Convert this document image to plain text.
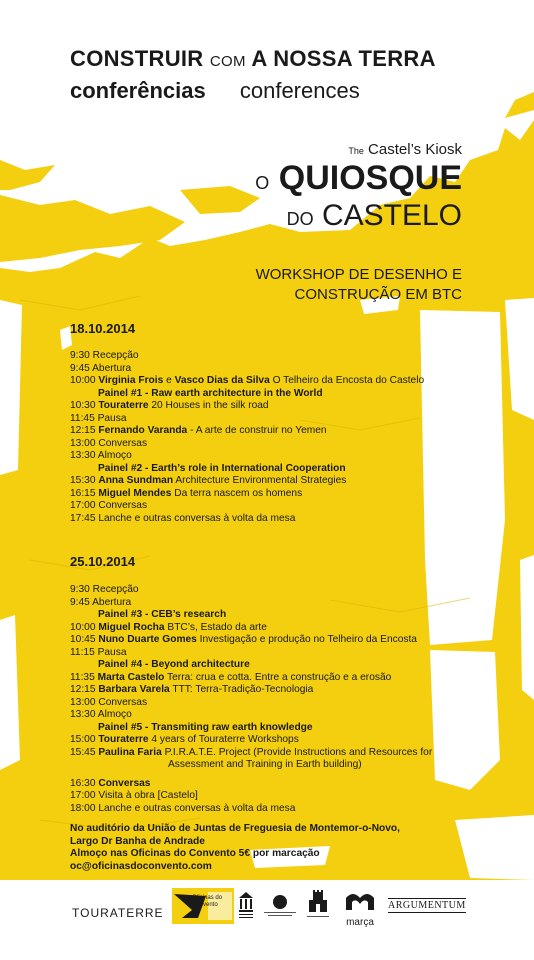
CONSTRUIR COM A NOSSA TERRA
conferências conferences
The Castel’s Kiosk
O QUIOSQUE
DO CASTELO
WORKSHOP DE DESENHO E
CONSTRUÇÃO EM BTC
18.10.2014
9:30 Recepção
9:45 Abertura
10:00 Virginia Frois e Vasco Dias da Silva O Telheiro da Encosta do Castelo
Painel #1 - Raw earth architecture in the World
10:30 Touraterre 20 Houses in the silk road
11:45 Pausa
12:15 Fernando Varanda - A arte de construir no Yemen
13:00 Conversas
13:30 Almoço
Painel #2 - Earth’s role in International Cooperation
15:30 Anna Sundman Architecture Environmental Strategies
16:15 Miguel Mendes Da terra nascem os homens
17:00 Conversas
17:45 Lanche e outras conversas à volta da mesa
25.10.2014
9:30 Recepção
9:45 Abertura
Painel #3 - CEB’s research
10:00 Miguel Rocha BTC’s, Estado da arte
10:45 Nuno Duarte Gomes Investigação e produção no Telheiro da Encosta
11:15 Pausa
Painel #4 - Beyond architecture
11:35 Marta Castelo Terra: crua e cotta. Entre a construção e a erosão
12:15 Barbara Varela TTT: Terra-Tradição-Tecnologia
13:00 Conversas
13:30 Almoço
Painel #5 - Transmiting raw earth knowledge
15:00 Touraterre 4 years of Touraterre Workshops
15:45 Paulina Faria P.I.R.A.T.E. Project (Provide Instructions and Resources for
Assessment and Training in Earth building)
16:30 Conversas
17:00 Visita à obra [Castelo]
18:00 Lanche e outras conversas à volta da mesa
No auditório da União de Juntas de Freguesia de Montemor-o-Novo,
Largo Dr Banha de Andrade
Almoço nas Oficinas do Convento 5€ por marcação
oc@oficinasdoconvento.com
TOURATERRE
Oficinas do Convento
marça
ARGUMENTUM
